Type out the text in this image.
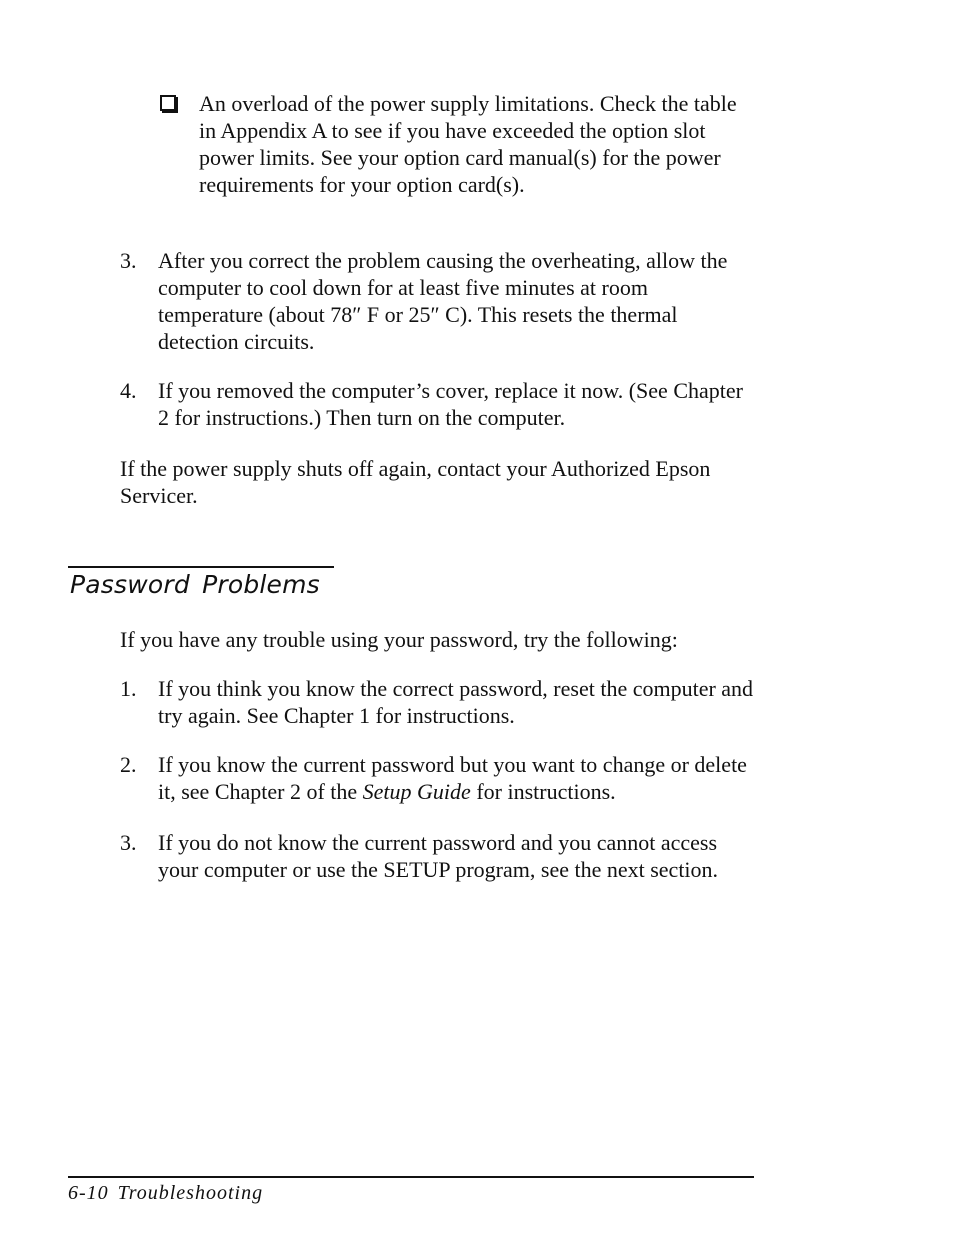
An overload of the power supply limitations. Check the table in Appendix A to see if you have exceeded the option slot power limits. See your option card manual(s) for the power requirements for your option card(s).
3. After you correct the problem causing the overheating, allow the computer to cool down for at least five minutes at room temperature (about 78″ F or 25″ C). This resets the thermal detection circuits.
4. If you removed the computer’s cover, replace it now. (See Chapter 2 for instructions.) Then turn on the computer.
If the power supply shuts off again, contact your Authorized Epson Servicer.
Password Problems
If you have any trouble using your password, try the following:
1. If you think you know the correct password, reset the computer and try again. See Chapter 1 for instructions.
2. If you know the current password but you want to change or delete it, see Chapter 2 of the Setup Guide for instructions.
3. If you do not know the current password and you cannot access your computer or use the SETUP program, see the next section.
6-10 Troubleshooting
